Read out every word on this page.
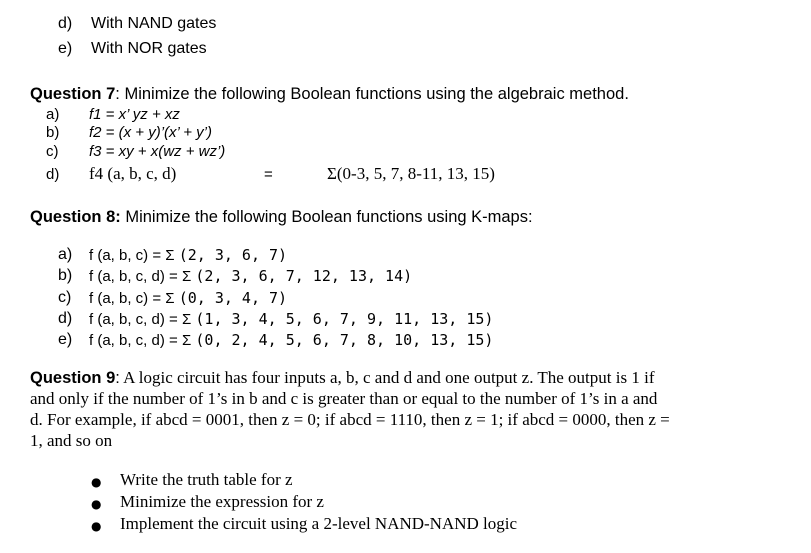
d) With NAND gates
e) With NOR gates
Question 7: Minimize the following Boolean functions using the algebraic method.
a) f1 = x’ yz + xz
b) f2 = (x + y)’(x’ + y’)
c) f3 = xy + x(wz + wz’)
d) f4 (a, b, c, d)	=	Σ(0-3, 5, 7, 8-11, 13, 15)
Question 8: Minimize the following Boolean functions using K-maps:
a) f (a, b, c) = Σ (2, 3, 6, 7)
b) f (a, b, c, d) = Σ (2, 3, 6, 7, 12, 13, 14)
c) f (a, b, c) = Σ (0, 3, 4, 7)
d) f (a, b, c, d) = Σ (1, 3, 4, 5, 6, 7, 9, 11, 13, 15)
e) f (a, b, c, d) = Σ (0, 2, 4, 5, 6, 7, 8, 10, 13, 15)
Question 9: A logic circuit has four inputs a, b, c and d and one output z. The output is 1 if
and only if the number of 1’s in b and c is greater than or equal to the number of 1’s in a and
d. For example, if abcd = 0001, then z = 0; if abcd = 1110, then z = 1; if abcd = 0000, then z =
1, and so on
● Write the truth table for z
● Minimize the expression for z
● Implement the circuit using a 2-level NAND-NAND logic
